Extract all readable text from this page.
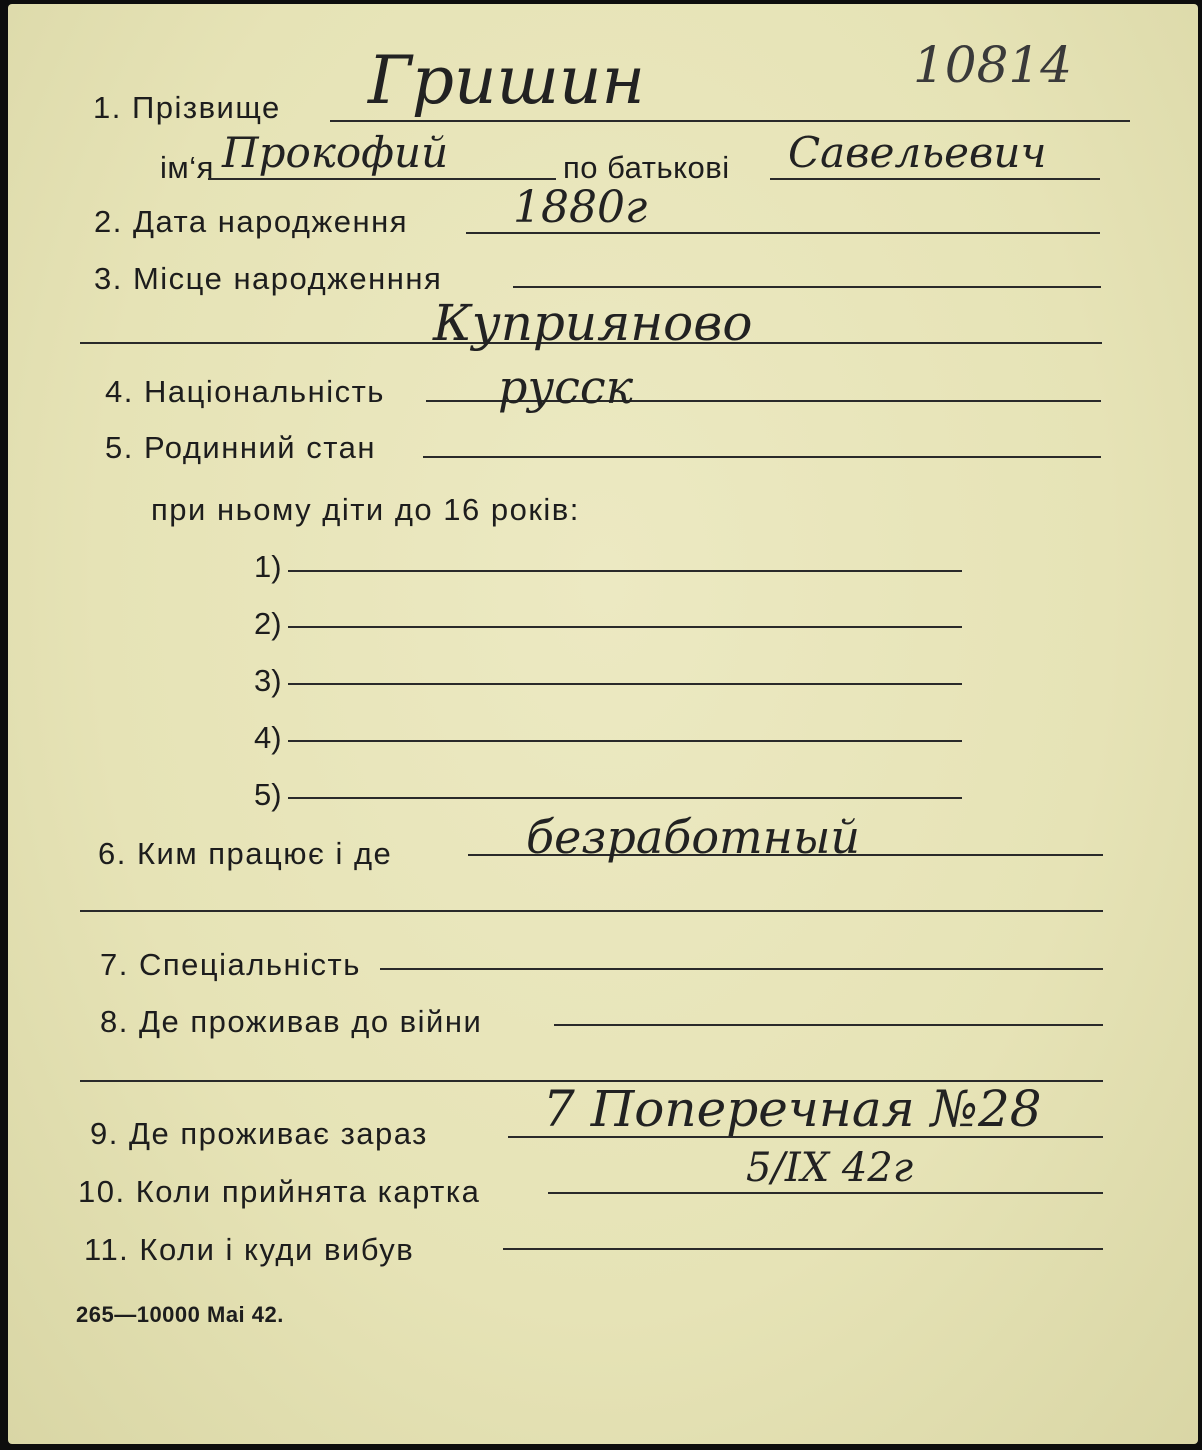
10814
1. Прізвище Гришин
ім‘я Прокофий	по батькові Савельевич
2. Дата народження 1880г
3. Місце народженння
Куприяново
4. Національність русск
5. Родинний стан
при ньому діти до 16 років:
1)
2)
3)
4)
5)
6. Ким працює і де	безработный
7. Спеціальність
8. Де проживав до війни
9. Де проживає зараз 7 Поперечная №28
10. Коли прийнята картка
5/IX 42г
11. Коли і куди вибув
265—10000 Mai 42.
